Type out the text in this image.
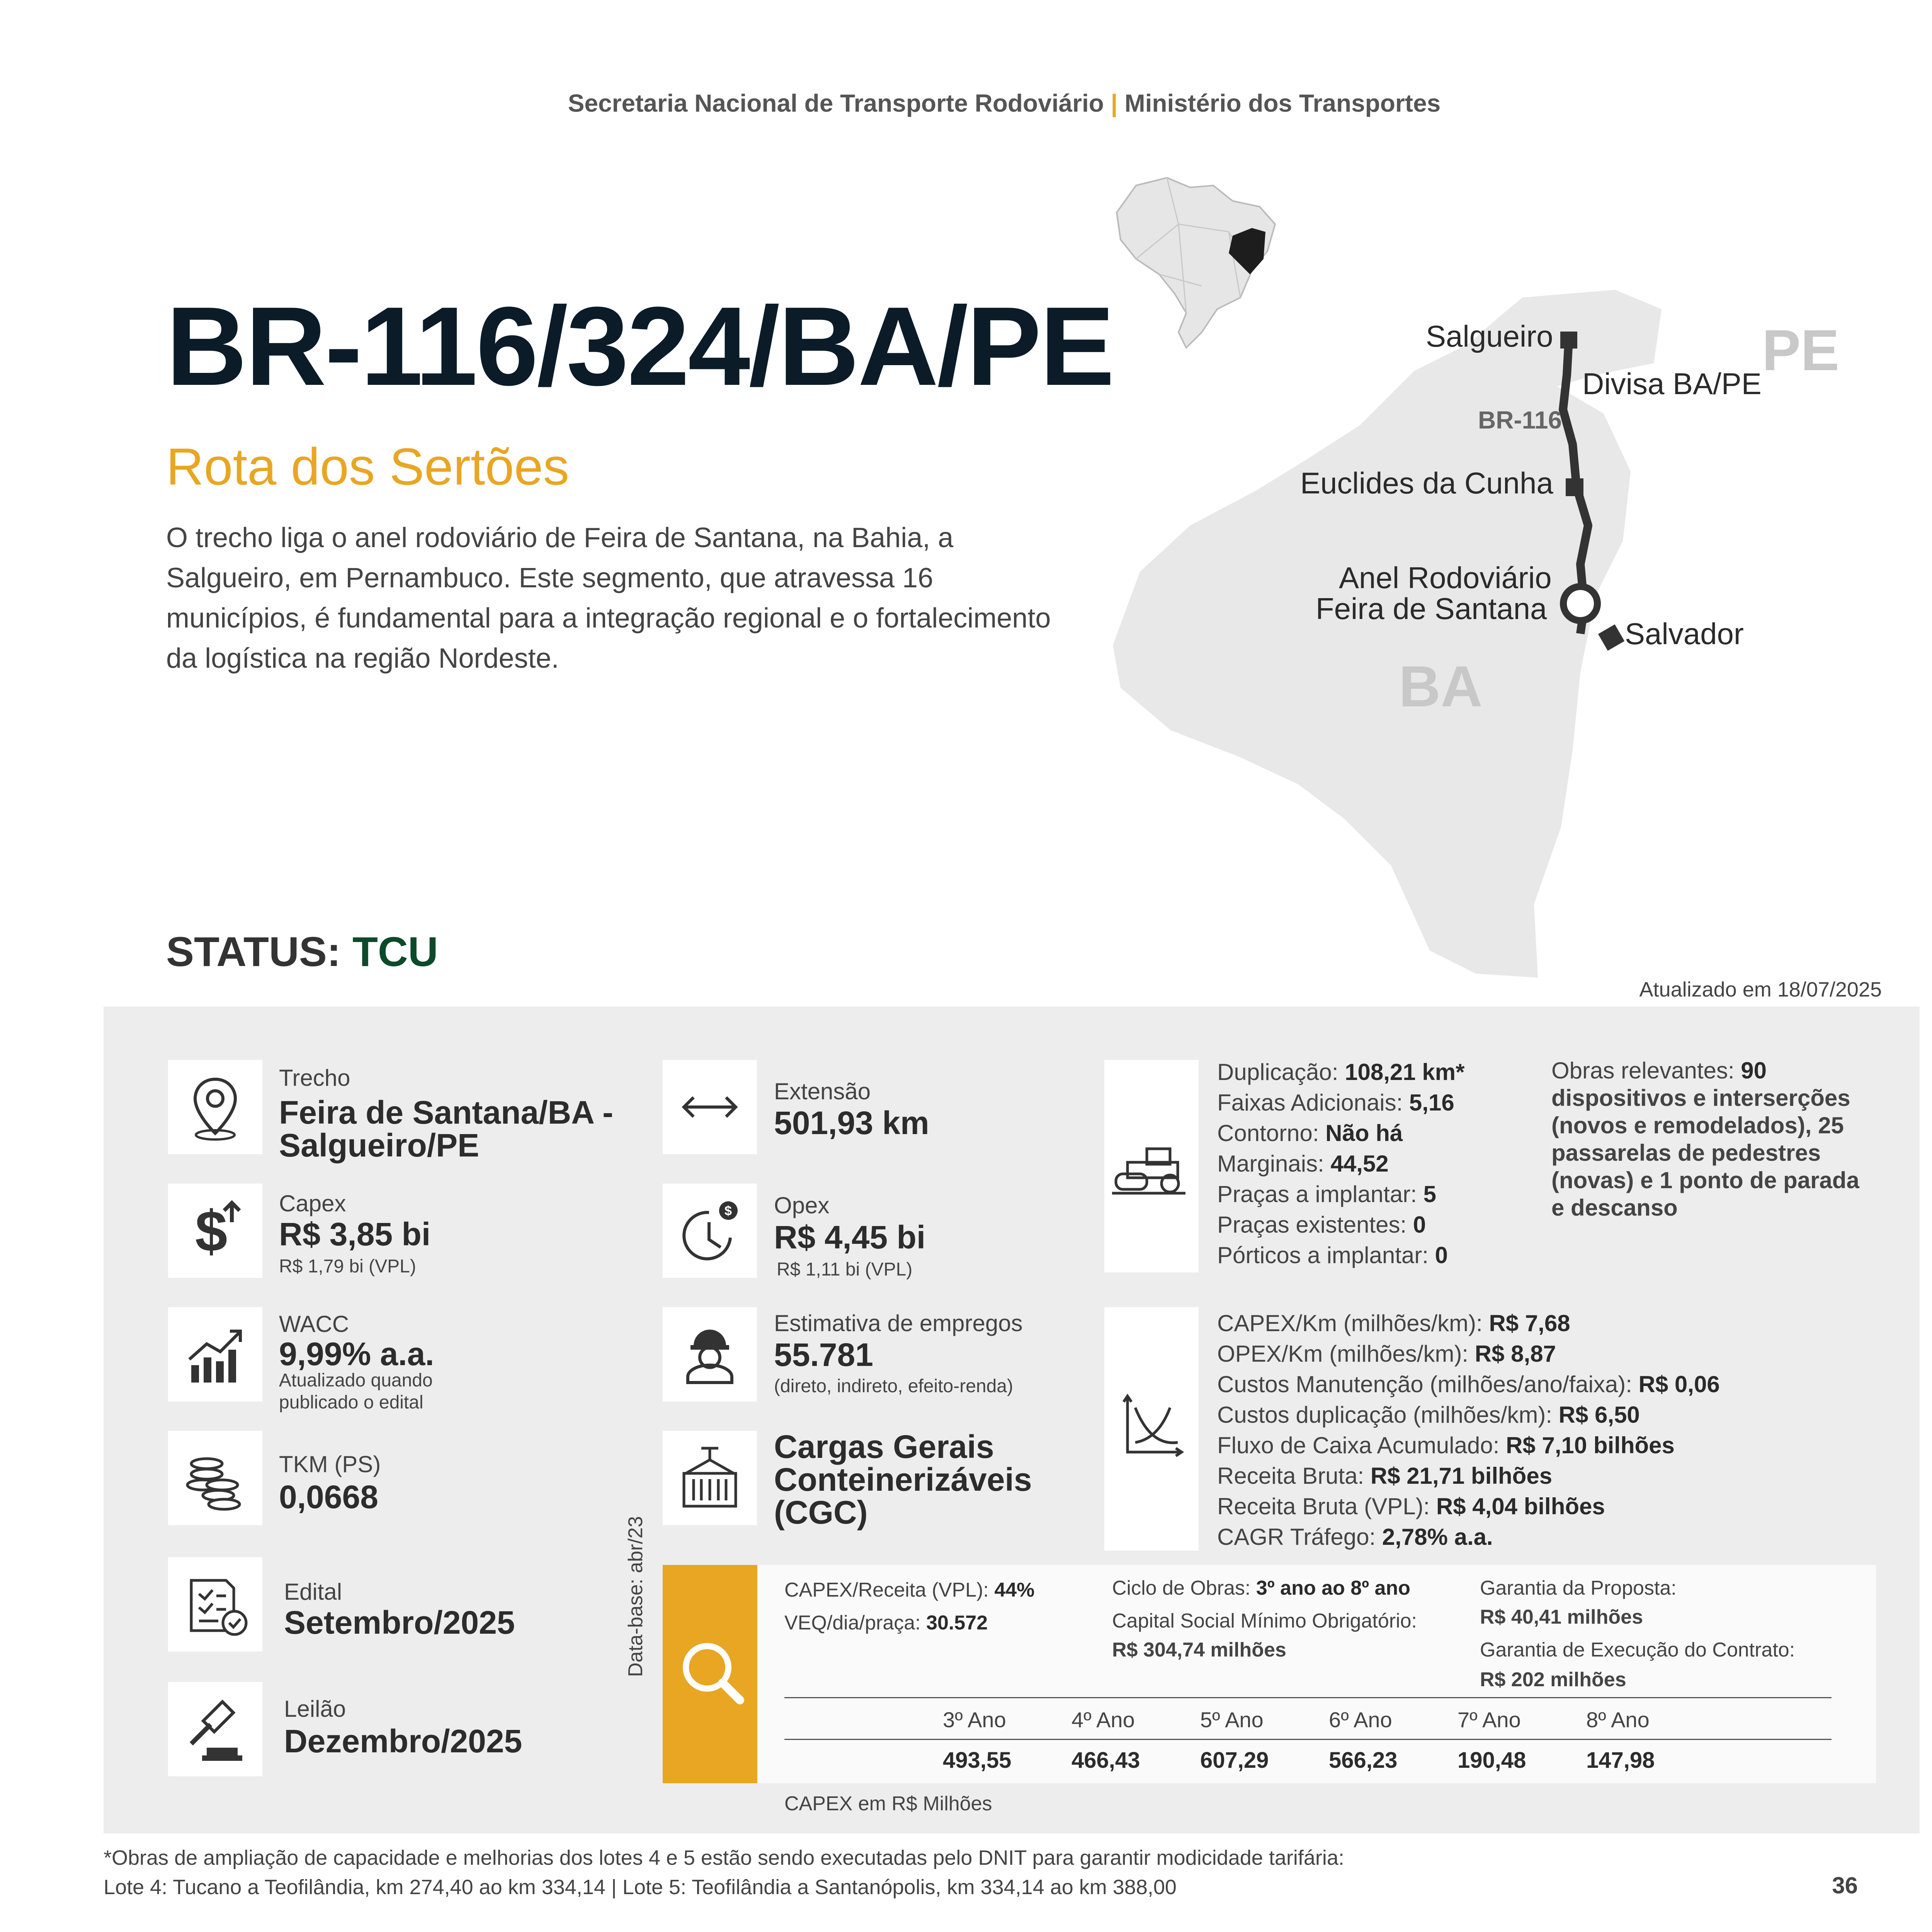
Secretaria Nacional de Transporte Rodoviário | Ministério dos Transportes
BR-116/324/BA/PE
Rota dos Sertões
O trecho liga o anel rodoviário de Feira de Santana, na Bahia, a Salgueiro, em Pernambuco. Este segmento, que atravessa 16 municípios, é fundamental para a integração regional e o fortalecimento da logística na região Nordeste.
PE
BA
Salgueiro
Divisa BA/PE
BR-116
Euclides da Cunha
Anel Rodoviário
Feira de Santana
Salvador
STATUS: TCU
Atualizado em 18/07/2025
Trecho
Feira de Santana/BA -
Salgueiro/PE
$ Capex
R$ 3,85 bi
R$ 1,79 bi (VPL)
WACC
9,99% a.a.
Atualizado quando
publicado o edital
TKM (PS)
0,0668
Edital
Setembro/2025
Leilão
Dezembro/2025
Extensão
501,93 km
$ Opex
R$ 4,45 bi
R$ 1,11 bi (VPL)
Estimativa de empregos
55.781
(direto, indireto, efeito-renda)
Cargas Gerais
Conteinerizáveis
(CGC)
Duplicação: 108,21 km*
Faixas Adicionais: 5,16
Contorno: Não há
Marginais: 44,52
Praças a implantar: 5
Praças existentes: 0
Pórticos a implantar: 0
Obras relevantes: 90
dispositivos e interserções
(novos e remodelados), 25
passarelas de pedestres
(novas) e 1 ponto de parada
e descanso
CAPEX/Km (milhões/km): R$ 7,68
OPEX/Km (milhões/km): R$ 8,87
Custos Manutenção (milhões/ano/faixa): R$ 0,06
Custos duplicação (milhões/km): R$ 6,50
Fluxo de Caixa Acumulado: R$ 7,10 bilhões
Receita Bruta: R$ 21,71 bilhões
Receita Bruta (VPL): R$ 4,04 bilhões
CAGR Tráfego: 2,78% a.a.
Data-base: abr/23	CAPEX/Receita (VPL): 44%
VEQ/dia/praça: 30.572
Ciclo de Obras: 3º ano ao 8º ano
Capital Social Mínimo Obrigatório:
R$ 304,74 milhões
Garantia da Proposta:
R$ 40,41 milhões
Garantia de Execução do Contrato:
R$ 202 milhões
3º Ano
493,55
4º Ano
466,43
5º Ano
607,29
6º Ano
566,23
7º Ano
190,48
8º Ano
147,98
CAPEX em R$ Milhões
*Obras de ampliação de capacidade e melhorias dos lotes 4 e 5 estão sendo executadas pelo DNIT para garantir modicidade tarifária:
Lote 4: Tucano a Teofilândia, km 274,40 ao km 334,14 | Lote 5: Teofilândia a Santanópolis, km 334,14 ao km 388,00	36
